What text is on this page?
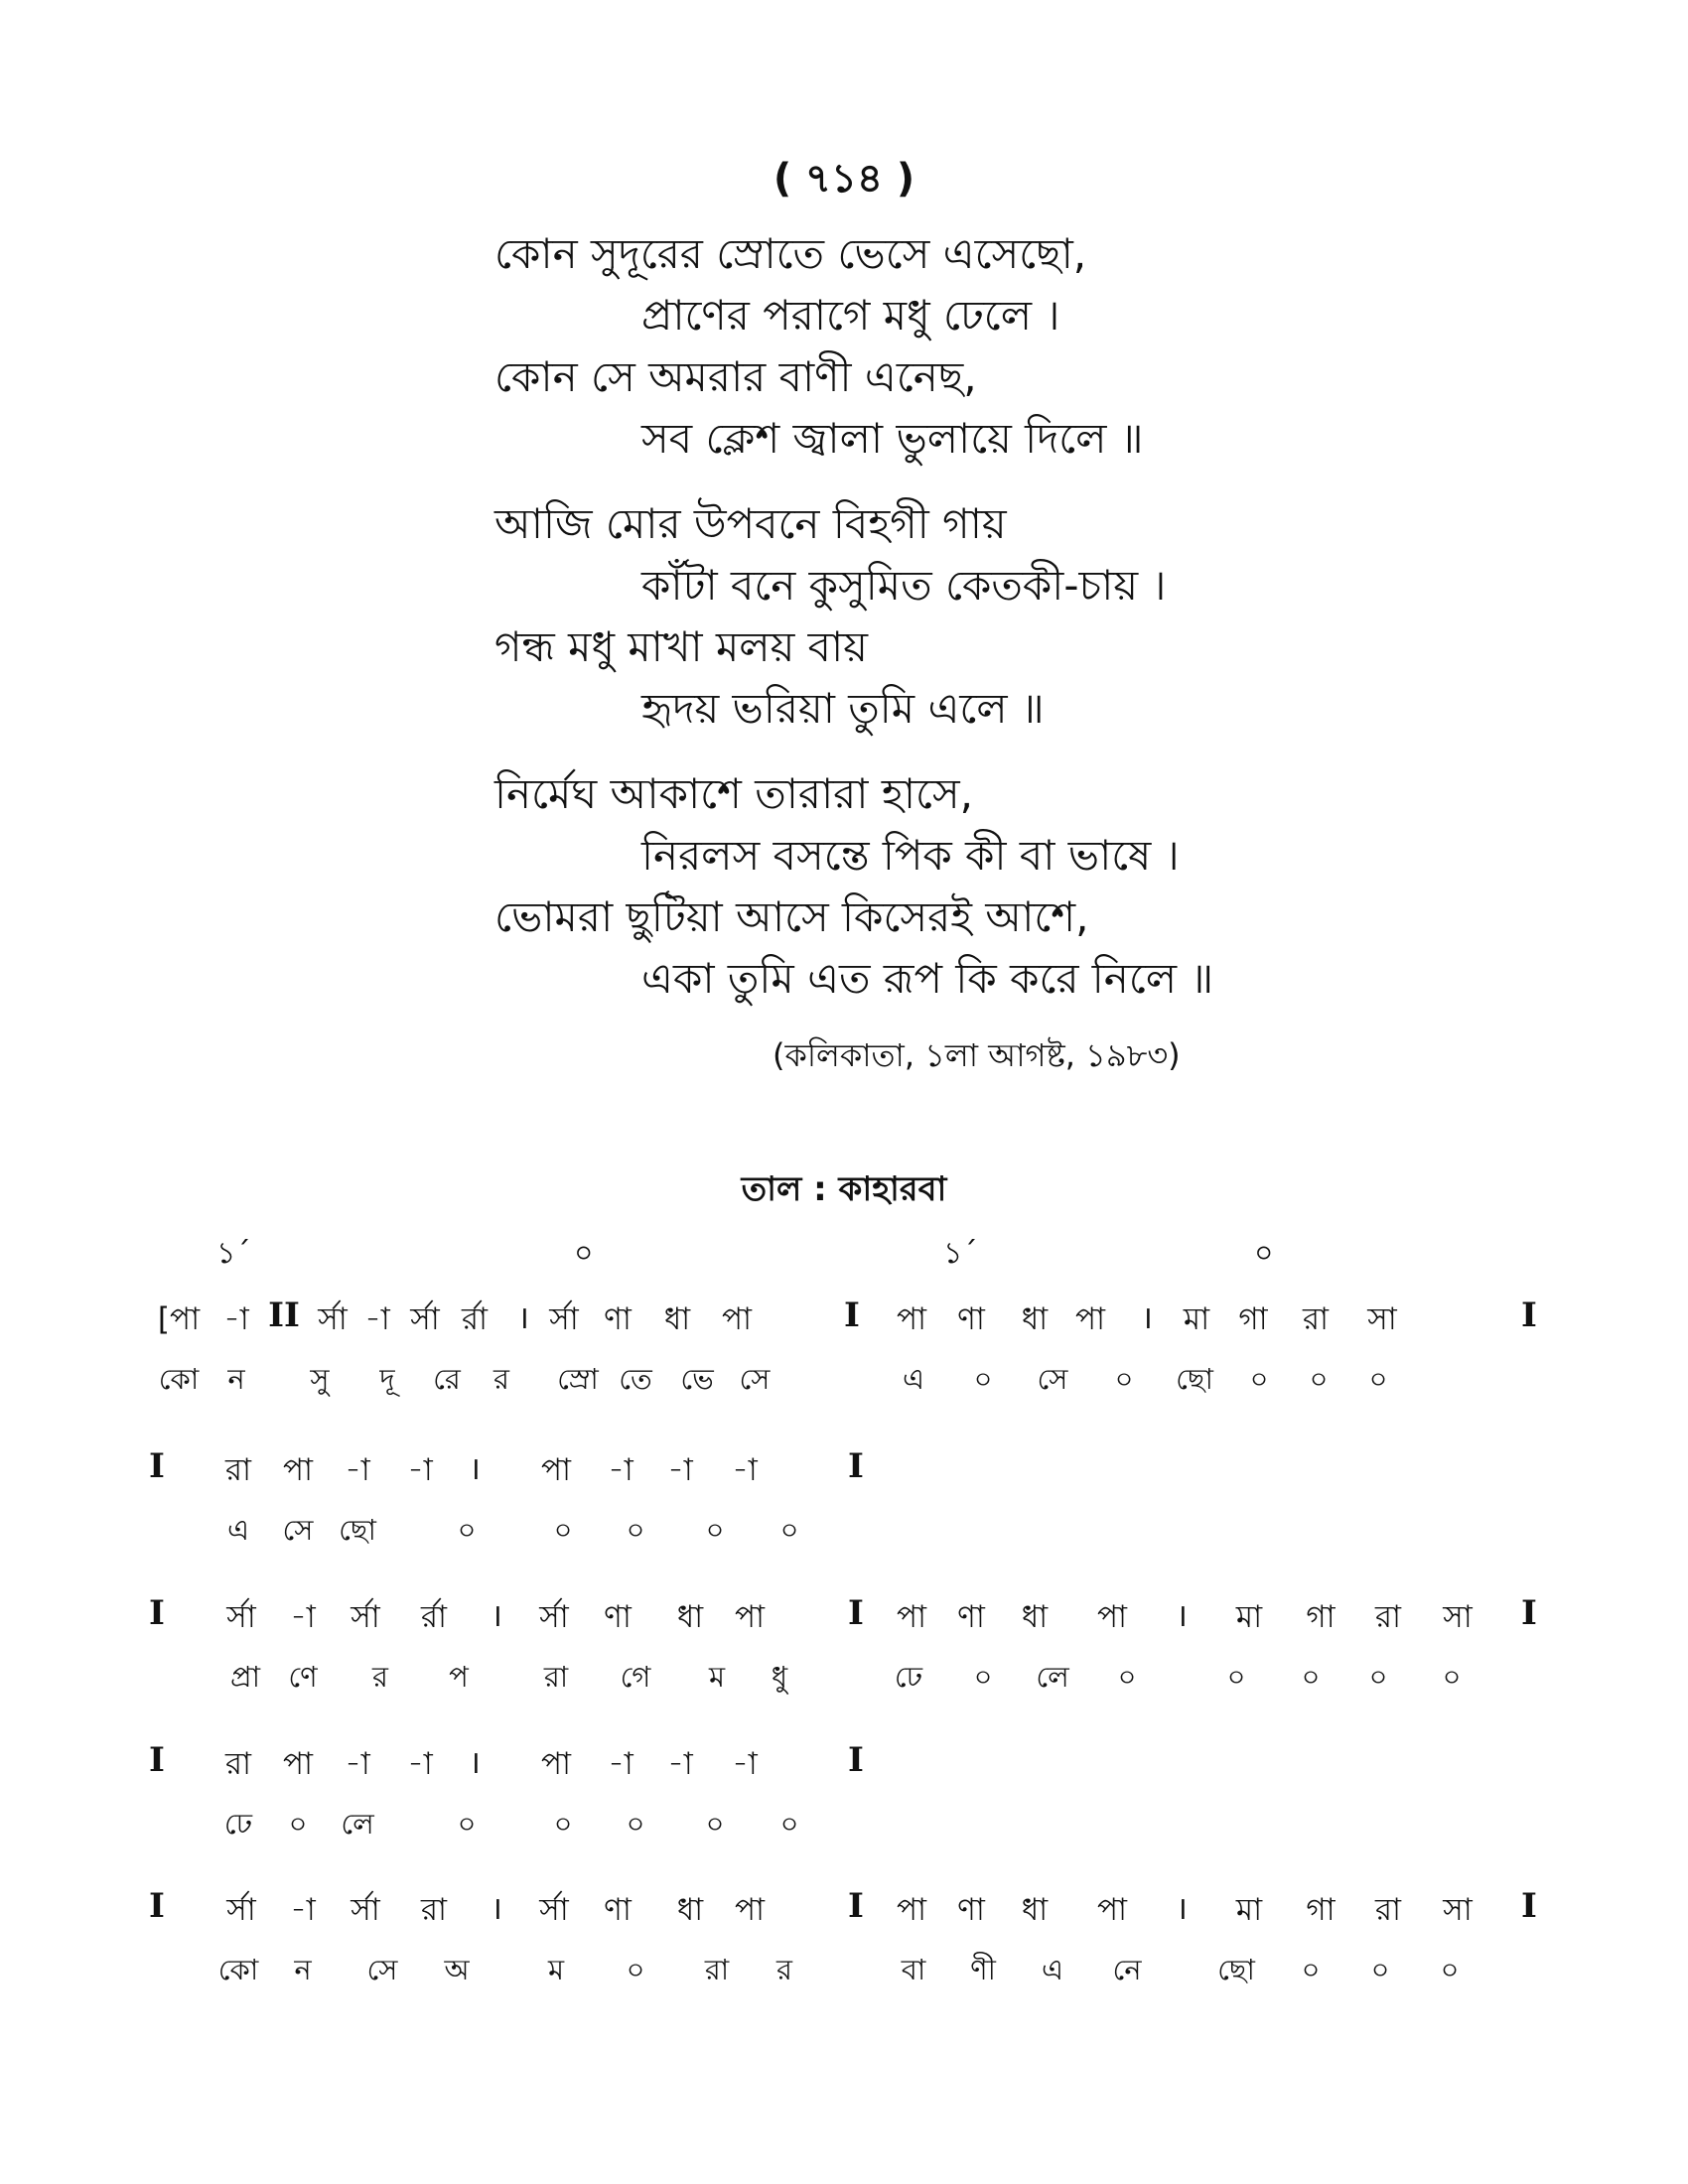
( ৭১৪ )
কোন সুদূরের স্রোতে ভেসে এসেছো,
প্রাণের পরাগে মধু ঢেলে ।
কোন সে অমরার বাণী এনেছ,
সব ক্লেশ জ্বালা ভুলায়ে দিলে ॥
আজি মোর উপবনে বিহগী গায়
কাঁটা বনে কুসুমিত কেতকী-চায় ।
গন্ধ মধু মাখা মলয় বায়
হৃদয় ভরিয়া তুমি এলে ॥
নির্মেঘ আকাশে তারারা হাসে,
নিরলস বসন্তে পিক কী বা ভাষে ।
ভোমরা ছুটিয়া আসে কিসেরই আশে,
একা তুমি এত রূপ কি করে নিলে ॥
(কলিকাতা, ১লা আগষ্ট, ১৯৮৩)
তাল : কাহারবা
১´	০	১´	০
[পা -া II র্সা -া র্সা র্রা । র্সা ণা ধা পা	I পা ণা ধা পা । মা গা রা সা	I
কো ন সু দূ রে র স্রো তে ভে সে	এ ০ সে ০ ছো ০ ০ ০
I রা পা -া -া । পা -া -া -া	I
এ সে ছো	০	০ ০ ০ ০
I র্সা -া র্সা র্রা । র্সা ণা ধা পা I পা ণা ধা পা । মা গা রা সা I
প্রা ণে র প	রা গে ম ধু	ঢে ০ লে ০	০ ০ ০ ০
I রা পা -া -া । পা -া -া -া	I
ঢে ০ লে	০	০ ০ ০ ০
I র্সা -া র্সা রা । র্সা ণা ধা পা I পা ণা ধা পা । মা গা রা সা I
কো ন সে অ	ম ০ রা র	বা ণী এ নে	ছো ০ ০ ০
